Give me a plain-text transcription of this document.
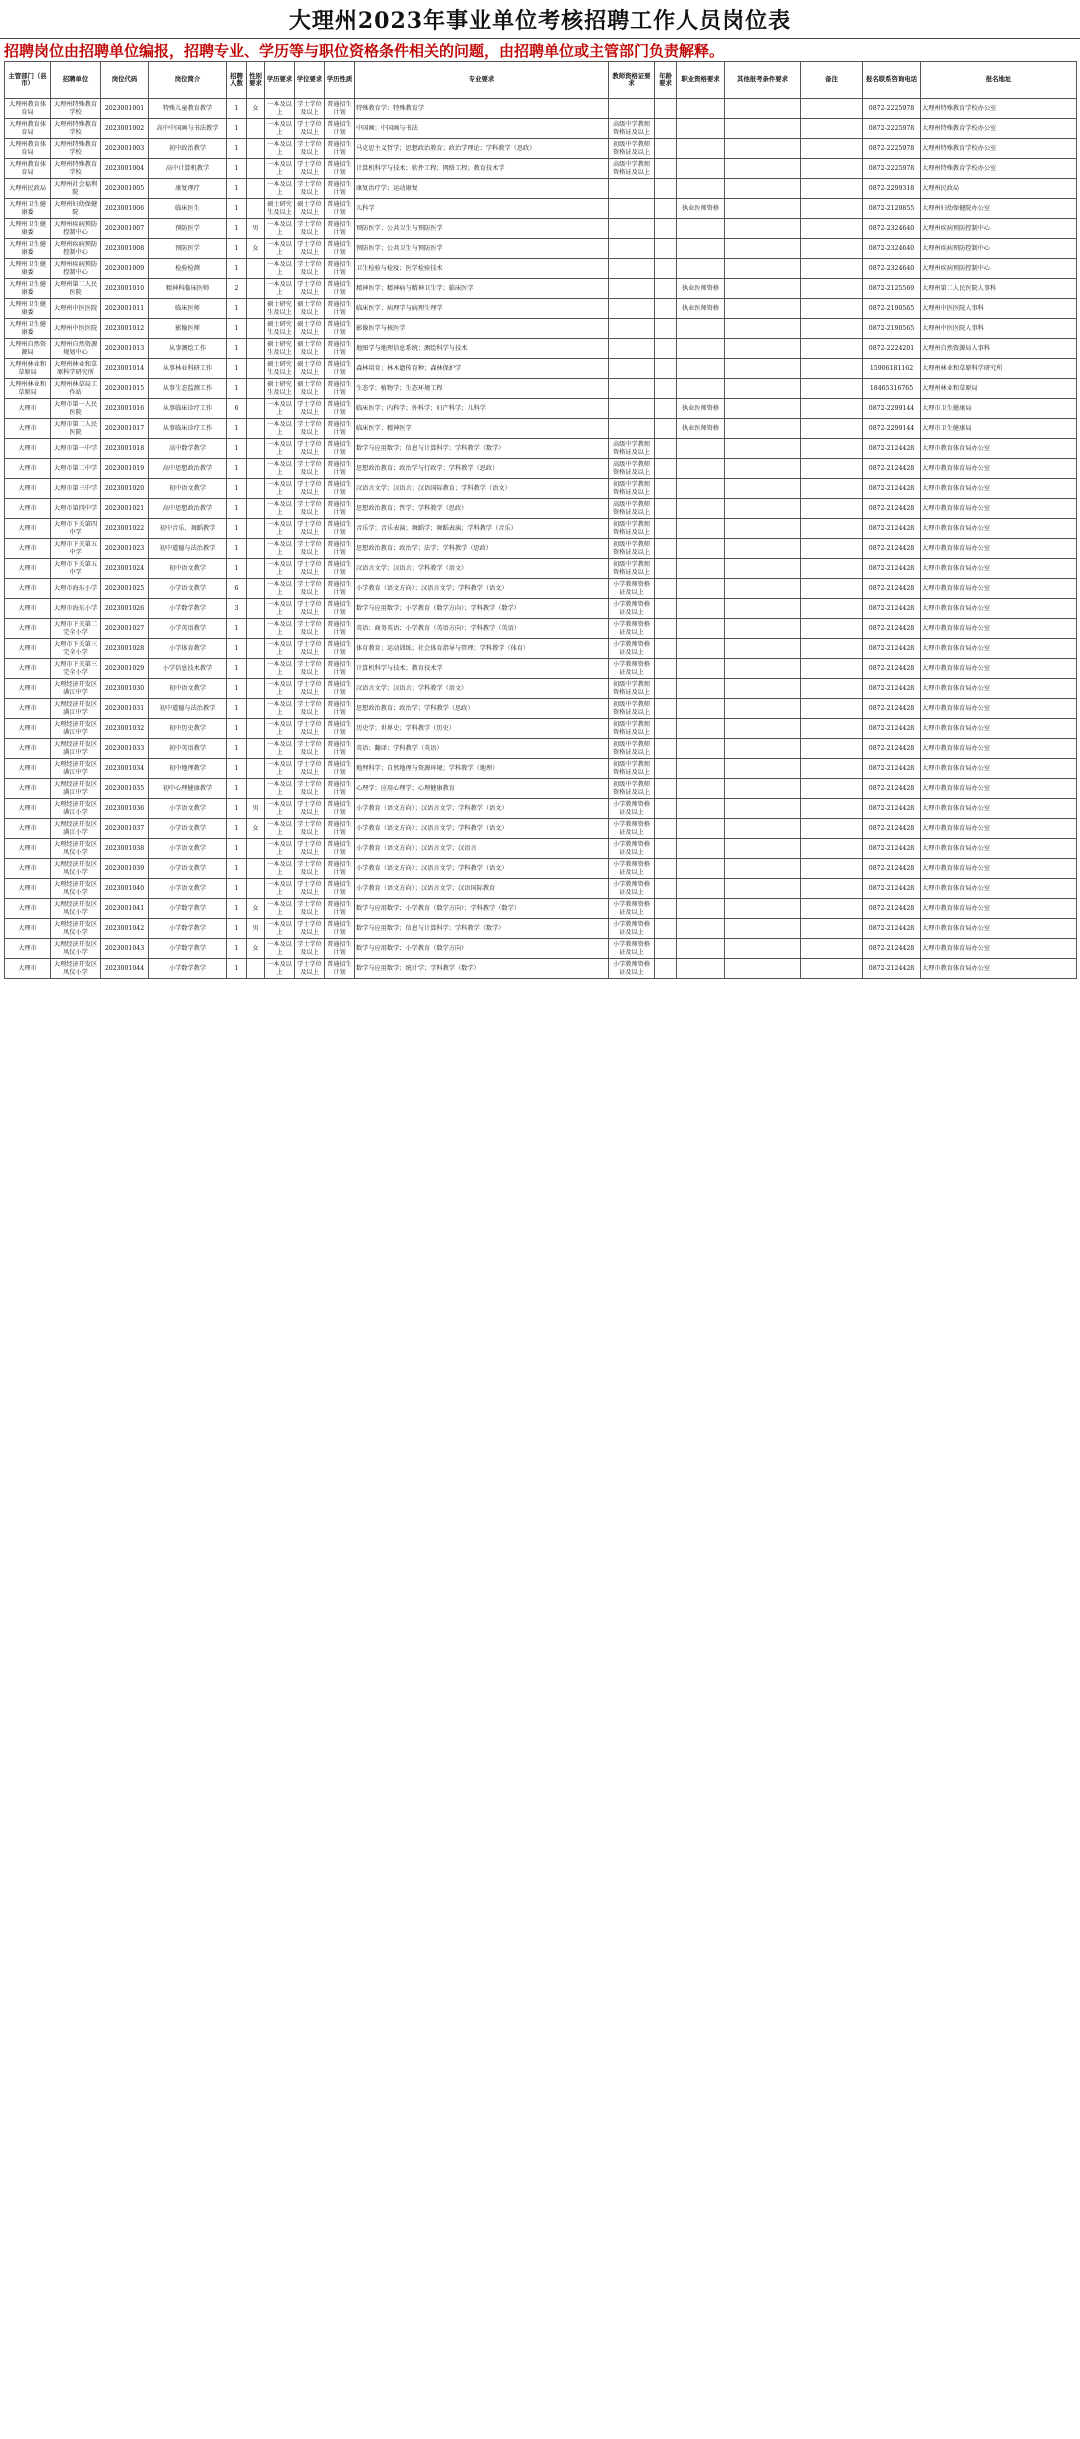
大理州2023年事业单位考核招聘工作人员岗位表
招聘岗位由招聘单位编报，招聘专业、学历等与职位资格条件相关的问题，由招聘单位或主管部门负责解释。
主管部门（县市）	招聘单位	岗位代码	岗位简介	招聘人数	性别要求	学历要求	学位要求	学历性质	专业要求	教师资格证要求	年龄要求	职业资格要求	其他报考条件要求	备注	报名联系咨询电话	报名地址
大理州教育体育局	大理州特殊教育学校	2023001001	特殊儿童教育教学	1	女	一本及以上	学士学位及以上	普通招生计划	特殊教育学：特殊教育学						0872-2225978	大理州特殊教育学校办公室
大理州教育体育局	大理州特殊教育学校	2023001002	高中中国画与书法教学	1		一本及以上	学士学位及以上	普通招生计划	中国画；中国画与书法	高级中学教师资格证及以上					0872-2225978	大理州特殊教育学校办公室
大理州教育体育局	大理州特殊教育学校	2023001003	初中政治教学	1		一本及以上	学士学位及以上	普通招生计划	马克思主义哲学；思想政治教育；政治学理论；学科教学（思政）	初级中学教师资格证及以上					0872-2225978	大理州特殊教育学校办公室
大理州教育体育局	大理州特殊教育学校	2023001004	高中计算机教学	1		一本及以上	学士学位及以上	普通招生计划	计算机科学与技术；软件工程；网络工程；教育技术学	高级中学教师资格证及以上					0872-2225978	大理州特殊教育学校办公室
大理州民政局	大理州社会福利院	2023001005	康复理疗	1		一本及以上	学士学位及以上	普通招生计划	康复治疗学；运动康复						0872-2299318	大理州民政局
大理州卫生健康委	大理州妇幼保健院	2023001006	临床医生	1		硕士研究生及以上	硕士学位及以上	普通招生计划	儿科学			执业医师资格			0872-2129855	大理州妇幼保健院办公室
大理州卫生健康委	大理州疾病预防控制中心	2023001007	预防医学	1	男	一本及以上	学士学位及以上	普通招生计划	预防医学；公共卫生与预防医学						0872-2324640	大理州疾病预防控制中心
大理州卫生健康委	大理州疾病预防控制中心	2023001008	预防医学	1	女	一本及以上	学士学位及以上	普通招生计划	预防医学；公共卫生与预防医学						0872-2324640	大理州疾病预防控制中心
大理州卫生健康委	大理州疾病预防控制中心	2023001009	检验检测	1		一本及以上	学士学位及以上	普通招生计划	卫生检验与检疫；医学检验技术						0872-2324640	大理州疾病预防控制中心
大理州卫生健康委	大理州第二人民医院	2023001010	精神科临床医师	2		一本及以上	学士学位及以上	普通招生计划	精神医学；精神病与精神卫生学；临床医学			执业医师资格			0872-2125569	大理州第二人民医院人事科
大理州卫生健康委	大理州中医医院	2023001011	临床医师	1		硕士研究生及以上	硕士学位及以上	普通招生计划	临床医学；病理学与病理生理学			执业医师资格			0872-2190565	大理州中医医院人事科
大理州卫生健康委	大理州中医医院	2023001012	影像医师	1		硕士研究生及以上	硕士学位及以上	普通招生计划	影像医学与核医学						0872-2190565	大理州中医医院人事科
大理州自然资源局	大理州自然资源规划中心	2023001013	从事测绘工作	1		硕士研究生及以上	硕士学位及以上	普通招生计划	地图学与地理信息系统；测绘科学与技术						0872-2224201	大理州自然资源局人事科
大理州林业和草原局	大理州林业和草原科学研究所	2023001014	从事林业科研工作	1		硕士研究生及以上	硕士学位及以上	普通招生计划	森林培育；林木遗传育种；森林保护学						15906181162	大理州林业和草原科学研究所
大理州林业和草原局	大理州林草局工作站	2023001015	从事生态监测工作	1		硕士研究生及以上	硕士学位及以上	普通招生计划	生态学；植物学；生态环境工程						18465316765	大理州林业和草原局
大理市	大理市第一人民医院	2023001016	从事临床诊疗工作	6		一本及以上	学士学位及以上	普通招生计划	临床医学；内科学；外科学；妇产科学；儿科学			执业医师资格			0872-2299144	大理市卫生健康局
大理市	大理市第二人民医院	2023001017	从事临床诊疗工作	1		一本及以上	学士学位及以上	普通招生计划	临床医学；精神医学			执业医师资格			0872-2299144	大理市卫生健康局
大理市	大理市第一中学	2023001018	高中数学教学	1		一本及以上	学士学位及以上	普通招生计划	数学与应用数学；信息与计算科学；学科教学（数学）	高级中学教师资格证及以上					0872-2124428	大理市教育体育局办公室
大理市	大理市第二中学	2023001019	高中思想政治教学	1		一本及以上	学士学位及以上	普通招生计划	思想政治教育；政治学与行政学；学科教学（思政）	高级中学教师资格证及以上					0872-2124428	大理市教育体育局办公室
大理市	大理市第三中学	2023001020	初中语文教学	1		一本及以上	学士学位及以上	普通招生计划	汉语言文学；汉语言；汉语国际教育；学科教学（语文）	初级中学教师资格证及以上					0872-2124428	大理市教育体育局办公室
大理市	大理市第四中学	2023001021	高中思想政治教学	1		一本及以上	学士学位及以上	普通招生计划	思想政治教育；哲学；学科教学（思政）	高级中学教师资格证及以上					0872-2124428	大理市教育体育局办公室
大理市	大理市下关第四中学	2023001022	初中音乐、舞蹈教学	1		一本及以上	学士学位及以上	普通招生计划	音乐学；音乐表演；舞蹈学；舞蹈表演；学科教学（音乐）	初级中学教师资格证及以上					0872-2124428	大理市教育体育局办公室
大理市	大理市下关第五中学	2023001023	初中道德与法治教学	1		一本及以上	学士学位及以上	普通招生计划	思想政治教育；政治学；法学；学科教学（思政）	初级中学教师资格证及以上					0872-2124428	大理市教育体育局办公室
大理市	大理市下关第五中学	2023001024	初中语文教学	1		一本及以上	学士学位及以上	普通招生计划	汉语言文学；汉语言；学科教学（语文）	初级中学教师资格证及以上					0872-2124428	大理市教育体育局办公室
大理市	大理市海东小学	2023001025	小学语文教学	6		一本及以上	学士学位及以上	普通招生计划	小学教育（语文方向）；汉语言文学；学科教学（语文）	小学教师资格证及以上					0872-2124428	大理市教育体育局办公室
大理市	大理市海东小学	2023001026	小学数学教学	3		一本及以上	学士学位及以上	普通招生计划	数学与应用数学；小学教育（数学方向）；学科教学（数学）	小学教师资格证及以上					0872-2124428	大理市教育体育局办公室
大理市	大理市下关第二完全小学	2023001027	小学英语教学	1		一本及以上	学士学位及以上	普通招生计划	英语；商务英语；小学教育（英语方向）；学科教学（英语）	小学教师资格证及以上					0872-2124428	大理市教育体育局办公室
大理市	大理市下关第三完全小学	2023001028	小学体育教学	1		一本及以上	学士学位及以上	普通招生计划	体育教育；运动训练；社会体育指导与管理；学科教学（体育）	小学教师资格证及以上					0872-2124428	大理市教育体育局办公室
大理市	大理市下关第三完全小学	2023001029	小学信息技术教学	1		一本及以上	学士学位及以上	普通招生计划	计算机科学与技术；教育技术学	小学教师资格证及以上					0872-2124428	大理市教育体育局办公室
大理市	大理经济开发区满江中学	2023001030	初中语文教学	1		一本及以上	学士学位及以上	普通招生计划	汉语言文学；汉语言；学科教学（语文）	初级中学教师资格证及以上					0872-2124428	大理市教育体育局办公室
大理市	大理经济开发区满江中学	2023001031	初中道德与法治教学	1		一本及以上	学士学位及以上	普通招生计划	思想政治教育；政治学；学科教学（思政）	初级中学教师资格证及以上					0872-2124428	大理市教育体育局办公室
大理市	大理经济开发区满江中学	2023001032	初中历史教学	1		一本及以上	学士学位及以上	普通招生计划	历史学；世界史；学科教学（历史）	初级中学教师资格证及以上					0872-2124428	大理市教育体育局办公室
大理市	大理经济开发区满江中学	2023001033	初中英语教学	1		一本及以上	学士学位及以上	普通招生计划	英语；翻译；学科教学（英语）	初级中学教师资格证及以上					0872-2124428	大理市教育体育局办公室
大理市	大理经济开发区满江中学	2023001034	初中地理教学	1		一本及以上	学士学位及以上	普通招生计划	地理科学；自然地理与资源环境；学科教学（地理）	初级中学教师资格证及以上					0872-2124428	大理市教育体育局办公室
大理市	大理经济开发区满江中学	2023001035	初中心理健康教学	1		一本及以上	学士学位及以上	普通招生计划	心理学；应用心理学；心理健康教育	初级中学教师资格证及以上					0872-2124428	大理市教育体育局办公室
大理市	大理经济开发区满江小学	2023001036	小学语文教学	1	男	一本及以上	学士学位及以上	普通招生计划	小学教育（语文方向）；汉语言文学；学科教学（语文）	小学教师资格证及以上					0872-2124428	大理市教育体育局办公室
大理市	大理经济开发区满江小学	2023001037	小学语文教学	1	女	一本及以上	学士学位及以上	普通招生计划	小学教育（语文方向）；汉语言文学；学科教学（语文）	小学教师资格证及以上					0872-2124428	大理市教育体育局办公室
大理市	大理经济开发区凤仪小学	2023001038	小学语文教学	1		一本及以上	学士学位及以上	普通招生计划	小学教育（语文方向）；汉语言文学；汉语言	小学教师资格证及以上					0872-2124428	大理市教育体育局办公室
大理市	大理经济开发区凤仪小学	2023001039	小学语文教学	1		一本及以上	学士学位及以上	普通招生计划	小学教育（语文方向）；汉语言文学；学科教学（语文）	小学教师资格证及以上					0872-2124428	大理市教育体育局办公室
大理市	大理经济开发区凤仪小学	2023001040	小学语文教学	1		一本及以上	学士学位及以上	普通招生计划	小学教育（语文方向）；汉语言文学；汉语国际教育	小学教师资格证及以上					0872-2124428	大理市教育体育局办公室
大理市	大理经济开发区凤仪小学	2023001041	小学数学教学	1	女	一本及以上	学士学位及以上	普通招生计划	数学与应用数学；小学教育（数学方向）；学科教学（数学）	小学教师资格证及以上					0872-2124428	大理市教育体育局办公室
大理市	大理经济开发区凤仪小学	2023001042	小学数学教学	1	男	一本及以上	学士学位及以上	普通招生计划	数学与应用数学；信息与计算科学；学科教学（数学）	小学教师资格证及以上					0872-2124428	大理市教育体育局办公室
大理市	大理经济开发区凤仪小学	2023001043	小学数学教学	1	女	一本及以上	学士学位及以上	普通招生计划	数学与应用数学；小学教育（数学方向）	小学教师资格证及以上					0872-2124428	大理市教育体育局办公室
大理市	大理经济开发区凤仪小学	2023001044	小学数学教学	1		一本及以上	学士学位及以上	普通招生计划	数学与应用数学；统计学；学科教学（数学）	小学教师资格证及以上					0872-2124428	大理市教育体育局办公室
